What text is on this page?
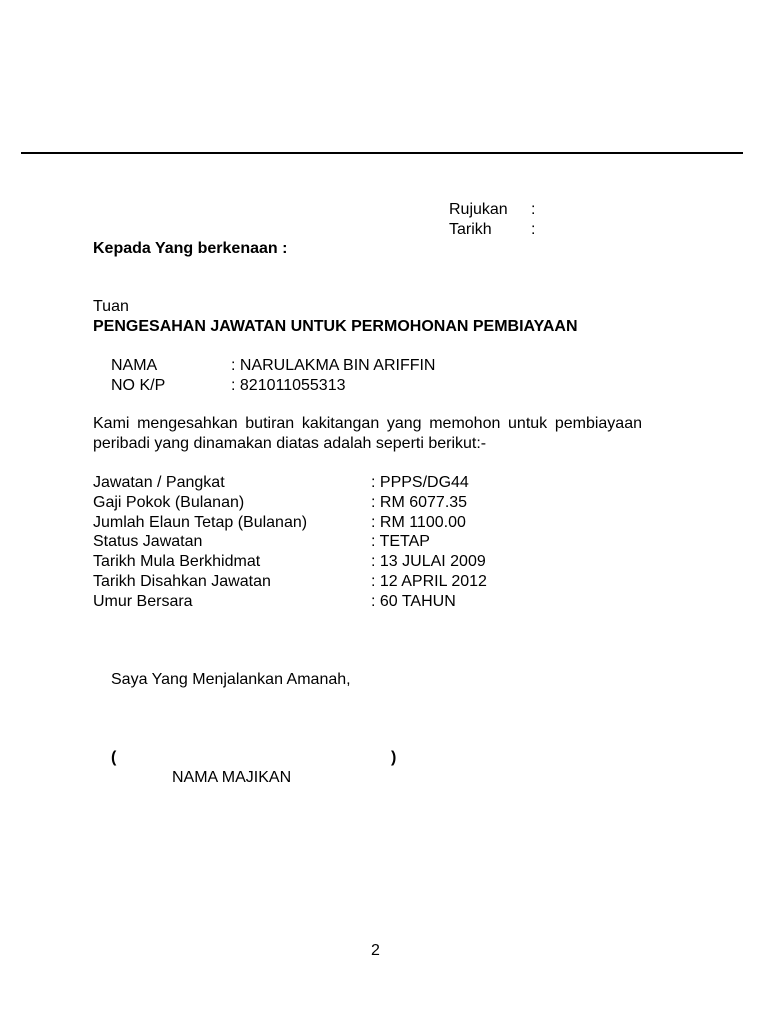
Rujukan :
Tarikh :
Kepada Yang berkenaan :
Tuan
PENGESAHAN JAWATAN UNTUK PERMOHONAN PEMBIAYAAN
NAMA	: NARULAKMA BIN ARIFFIN
NO K/P	: 821011055313
Kami mengesahkan butiran kakitangan yang memohon untuk pembiayaan peribadi yang dinamakan diatas adalah seperti berikut:-
Jawatan / Pangkat	: PPPS/DG44
Gaji Pokok (Bulanan)	: RM 6077.35
Jumlah Elaun Tetap (Bulanan)	: RM 1100.00
Status Jawatan	: TETAP
Tarikh Mula Berkhidmat	: 13 JULAI 2009
Tarikh Disahkan Jawatan	: 12 APRIL 2012
Umur Bersara	: 60 TAHUN
Saya Yang Menjalankan Amanah,
(	)
NAMA MAJIKAN
2
